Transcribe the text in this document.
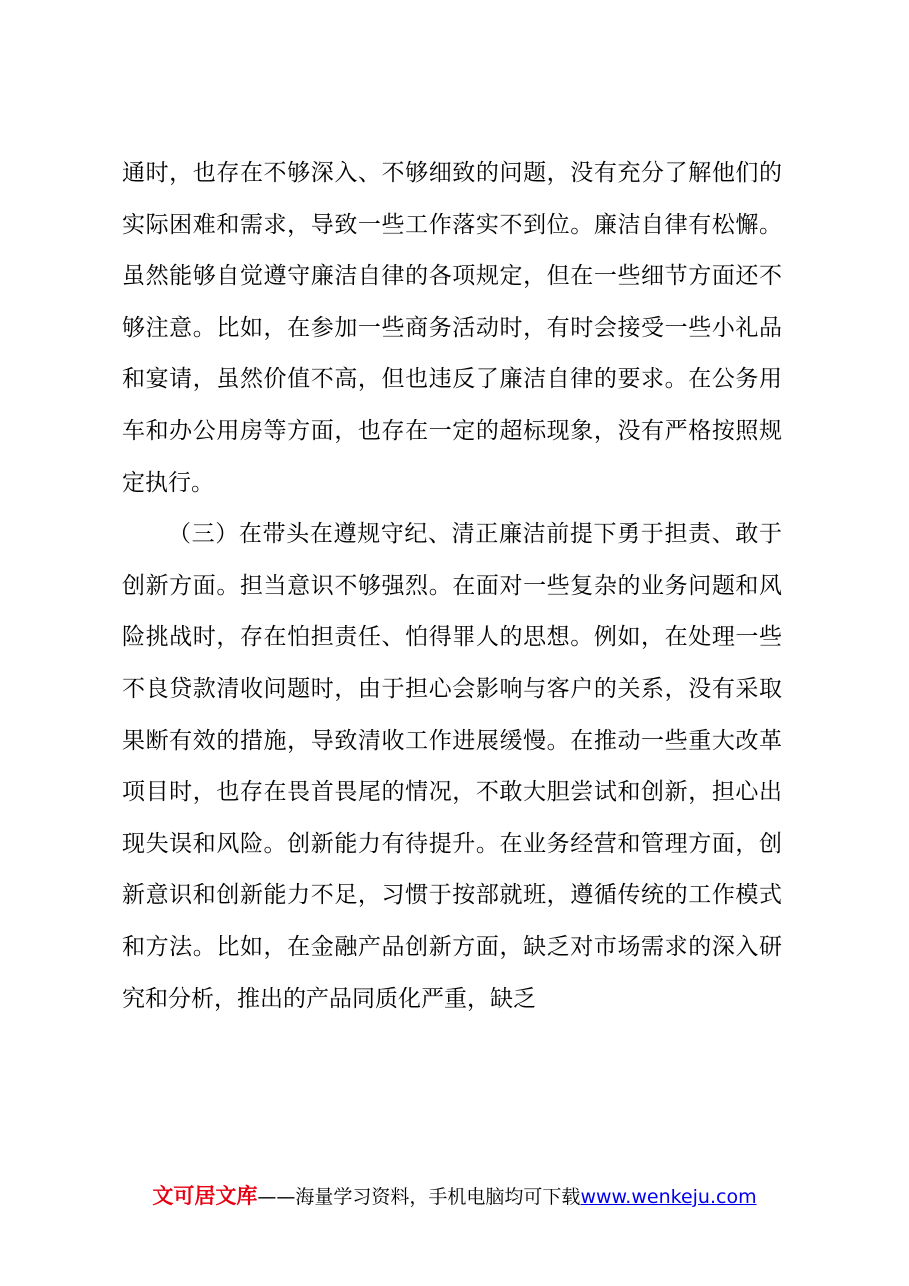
通时，也存在不够深入、不够细致的问题，没有充分了解他们的实际困难和需求，导致一些工作落实不到位。廉洁自律有松懈。虽然能够自觉遵守廉洁自律的各项规定，但在一些细节方面还不够注意。比如，在参加一些商务活动时，有时会接受一些小礼品和宴请，虽然价值不高，但也违反了廉洁自律的要求。在公务用车和办公用房等方面，也存在一定的超标现象，没有严格按照规定执行。

（三）在带头在遵规守纪、清正廉洁前提下勇于担责、敢于创新方面。担当意识不够强烈。在面对一些复杂的业务问题和风险挑战时，存在怕担责任、怕得罪人的思想。例如，在处理一些不良贷款清收问题时，由于担心会影响与客户的关系，没有采取果断有效的措施，导致清收工作进展缓慢。在推动一些重大改革项目时，也存在畏首畏尾的情况，不敢大胆尝试和创新，担心出现失误和风险。创新能力有待提升。在业务经营和管理方面，创新意识和创新能力不足，习惯于按部就班，遵循传统的工作模式和方法。比如，在金融产品创新方面，缺乏对市场需求的深入研究和分析，推出的产品同质化严重，缺乏

文可居文库——海量学习资料，手机电脑均可下载www.wenkeju.com
